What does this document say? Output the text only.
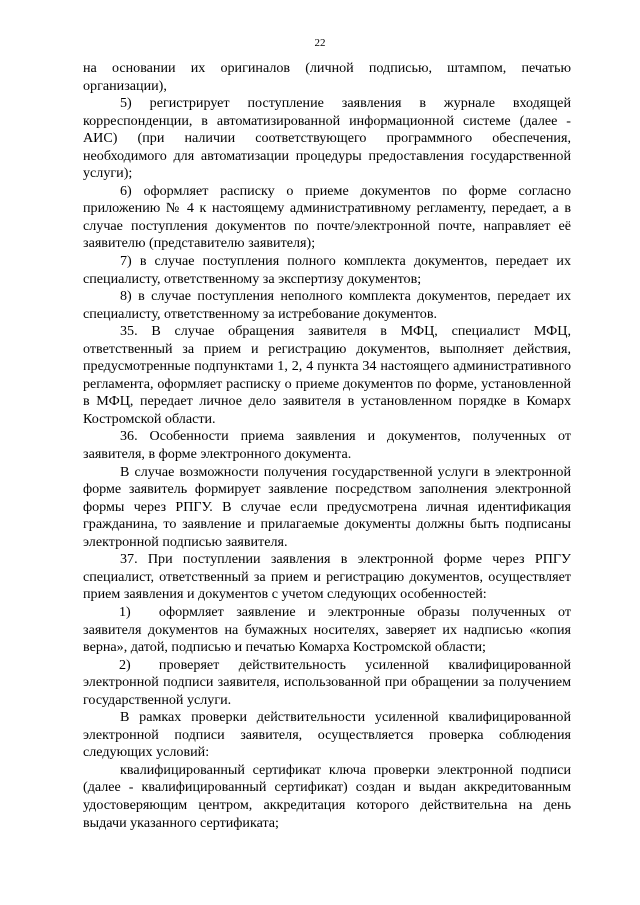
22

на основании их оригиналов (личной подписью, штампом, печатью организации),

5) регистрирует поступление заявления в журнале входящей корреспонденции, в автоматизированной информационной системе (далее - АИС) (при наличии соответствующего программного обеспечения, необходимого для автоматизации процедуры предоставления государственной услуги);

6) оформляет расписку о приеме документов по форме согласно приложению № 4 к настоящему административному регламенту, передает, а в случае поступления документов по почте/электронной почте, направляет её заявителю (представителю заявителя);

7) в случае поступления полного комплекта документов, передает их специалисту, ответственному за экспертизу документов;

8) в случае поступления неполного комплекта документов, передает их специалисту, ответственному за истребование документов.

35. В случае обращения заявителя в МФЦ, специалист МФЦ, ответственный за прием и регистрацию документов, выполняет действия, предусмотренные подпунктами 1, 2, 4 пункта 34 настоящего административного регламента, оформляет расписку о приеме документов по форме, установленной в МФЦ, передает личное дело заявителя в установленном порядке в Комарх Костромской области.

36. Особенности приема заявления и документов, полученных от заявителя, в форме электронного документа.

В случае возможности получения государственной услуги в электронной форме заявитель формирует заявление посредством заполнения электронной формы через РПГУ. В случае если предусмотрена личная идентификация гражданина, то заявление и прилагаемые документы должны быть подписаны электронной подписью заявителя.

37. При поступлении заявления в электронной форме через РПГУ специалист, ответственный за прием и регистрацию документов, осуществляет прием заявления и документов с учетом следующих особенностей:

1)  оформляет заявление и электронные образы полученных от заявителя документов на бумажных носителях, заверяет их надписью «копия верна», датой, подписью и печатью Комарха Костромской области;

2)  проверяет действительность усиленной квалифицированной электронной подписи заявителя, использованной при обращении за получением государственной услуги.

В рамках проверки действительности усиленной квалифицированной электронной подписи заявителя, осуществляется проверка соблюдения следующих условий:

квалифицированный сертификат ключа проверки электронной подписи (далее - квалифицированный сертификат) создан и выдан аккредитованным удостоверяющим центром, аккредитация которого действительна на день выдачи указанного сертификата;
